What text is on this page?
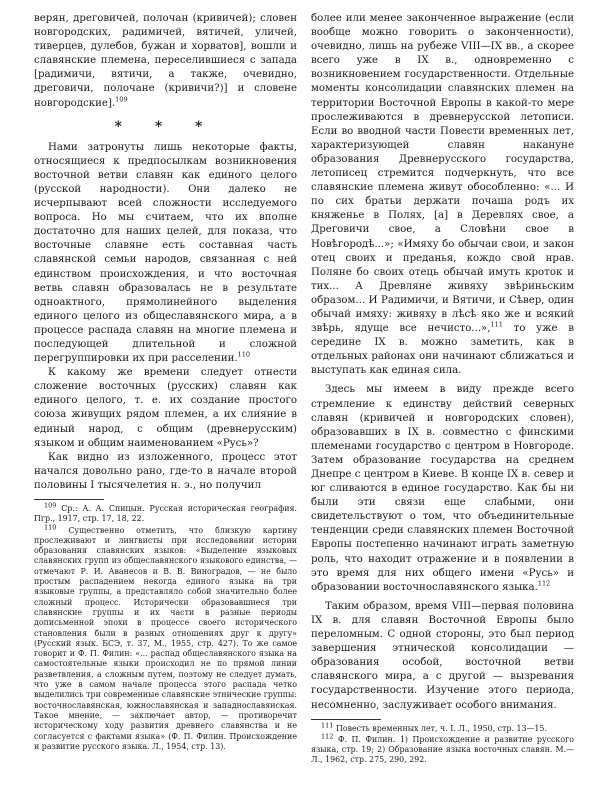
верян, дреговичей, полочан (кривичей); словен новгородских, радимичей, вятичей, уличей, тиверцев, дулебов, бужан и хорватов], вошли и славянские племена, переселившиеся с запада [радимичи, вятичи, а также, очевидно, дреговичи, полочане (кривичи?)] и словене новгородские].$^{109}$

* * *

Нами затронуты лишь некоторые факты, относящиеся к предпосылкам возникновения восточной ветви славян как единого целого (русской народности). Они далеко не исчерпывают всей сложности исследуемого вопроса. Но мы считаем, что их вполне достаточно для наших целей, для показа, что восточные славяне есть составная часть славянской семьи народов, связанная с ней единством происхождения, и что восточная ветвь славян образовалась не в результате одноактного, прямолинейного выделения единого целого из общеславянского мира, а в процессе распада славян на многие племена и последующей длительной и сложной перегруппировки их при расселении.$^{110}$

К какому же времени следует отнести сложение восточных (русских) славян как единого целого, т. е. их создание простого союза живущих рядом племен, а их слияние в единый народ, с общим (древнерусским) языком и общим наименованием «Русь»?

Как видно из изложенного, процесс этот начался довольно рано, где-то в начале второй половины I тысячелетия н. э., но получил

$^{109}$ Ср.: А. А. Спицын. Русская историческая география. Пгр., 1917, стр. 17, 18, 22.

$^{110}$ Существенно отметить, что близкую картину прослеживают и лингвисты при исследовании истории образования славянских языков: «Выделение языковых славянских групп из общеславянского языкового единства, — отмечают Р. И. Аванесов и В. В. Виноградов, — не было простым распадением некогда единого языка на три языковые группы, а представляло собой значительно более сложный процесс. Исторически образовавшиеся три славянские группы и их части в разные периоды дописьменной эпохи в процессе своего исторического становления были в разных отношениях друг к другу» (Русский язык. БСЭ, т. 37, М., 1955, стр. 427). То же самое говорит и Ф. П. Филин: «... распад общеславянского языка на самостоятельные языки происходил не по прямой линии разветвления, а сложным путем, поэтому не следует думать, что уже в самом начале процесса этого распада четко выделились три современные славянские этнические группы: восточнославянская, южнославянская и западнославянская. Такое мнение, — заключает автор, — противоречит историческому ходу развития древнего славянства и не согласуется с фактами языка» (Ф. П. Филин. Происхождение и развитие русского языка. Л., 1954, стр. 13).

более или менее законченное выражение (если вообще можно говорить о законченности), очевидно, лишь на рубеже VIII—IX вв., а скорее всего уже в IX в., одновременно с возникновением государственности. Отдельные моменты консолидации славянских племен на территории Восточной Европы в какой-то мере прослеживаются в древнерусской летописи. Если во вводной части Повести временных лет, характеризующей славян накануне образования Древнерусского государства, летописец стремится подчеркнуть, что все славянские племена живут обособленно: «... И по сих братьи держати почаша родъ их княженье в Полях, [а] в Деревлях свое, а Дреговичи свое, а Словѣни свое в Новѣгородѣ...»; «Имяху бо обычаи свои, и закон отец своих и преданья, кождо свой нрав. Поляне бо своих отець обычай имуть кроток и тих... А Древляне живяху звѣриньским образом... И Радимичи, и Вятичи, и Сѣвер, один обычай имяху: живяху в лѣсѣ яко же и всякий звѣрь, ядуще все нечисто...»,$^{111}$ то уже в середине IX в. можно заметить, как в отдельных районах они начинают сближаться и выступать как единая сила.

Здесь мы имеем в виду прежде всего стремление к единству действий северных славян (кривичей и новгородских словен), образовавших в IX в. совместно с финскими племенами государство с центром в Новгороде. Затем образование государства на среднем Днепре с центром в Киеве. В конце IX в. север и юг сливаются в единое государство. Как бы ни были эти связи еще слабыми, они свидетельствуют о том, что объединительные тенденции среди славянских племен Восточной Европы постепенно начинают играть заметную роль, что находит отражение и в появлении в это время для них общего имени «Русь» и образовании восточнославянского языка.$^{112}$

Таким образом, время VIII—первая половина IX в. для славян Восточной Европы было переломным. С одной стороны, это был период завершения этнической консолидации — образования особой, восточной ветви славянского мира, а с другой — вызревания государственности. Изучение этого периода, несомненно, заслуживает особого внимания.

$^{111}$ Повесть временных лет, ч. I. Л., 1950, стр. 13—15.

$^{112}$ Ф. П. Филин. 1) Происхождение и развитие русского языка, стр. 19; 2) Образование языка восточных славян. М.—Л., 1962, стр. 275, 290, 292.
